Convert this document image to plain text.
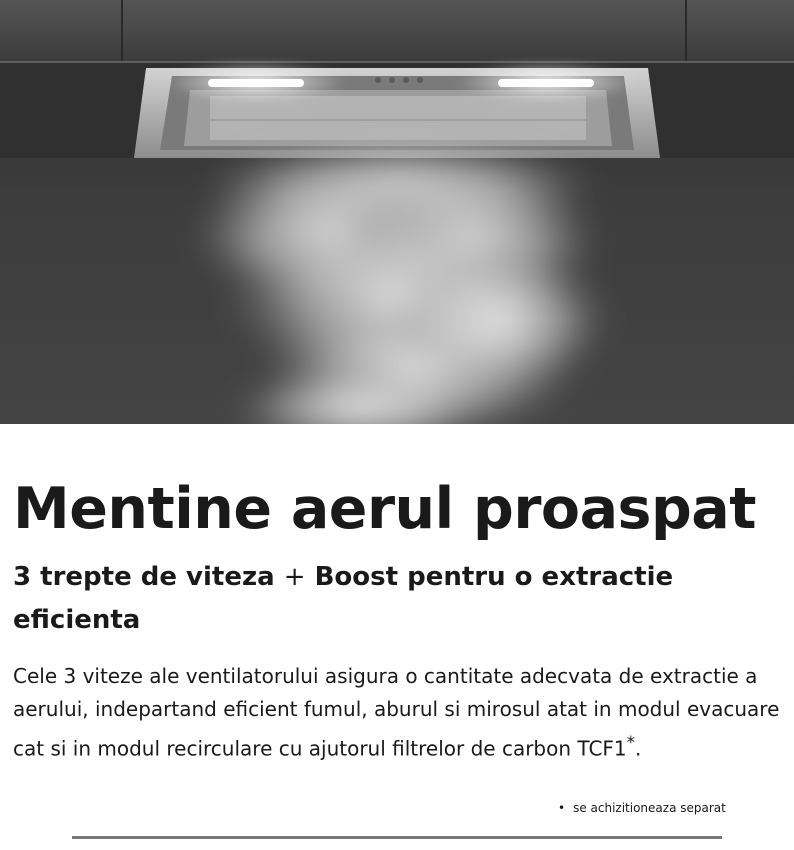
Mentine aerul proaspat
3 trepte de viteza + Boost pentru o extractie eficienta

Cele 3 viteze ale ventilatorului asigura o cantitate adecvata de extractie a aerului, indepartand eficient fumul, aburul si mirosul atat in modul evacuare cat si in modul recirculare cu ajutorul filtrelor de carbon TCF1*.

• se achizitioneaza separat
